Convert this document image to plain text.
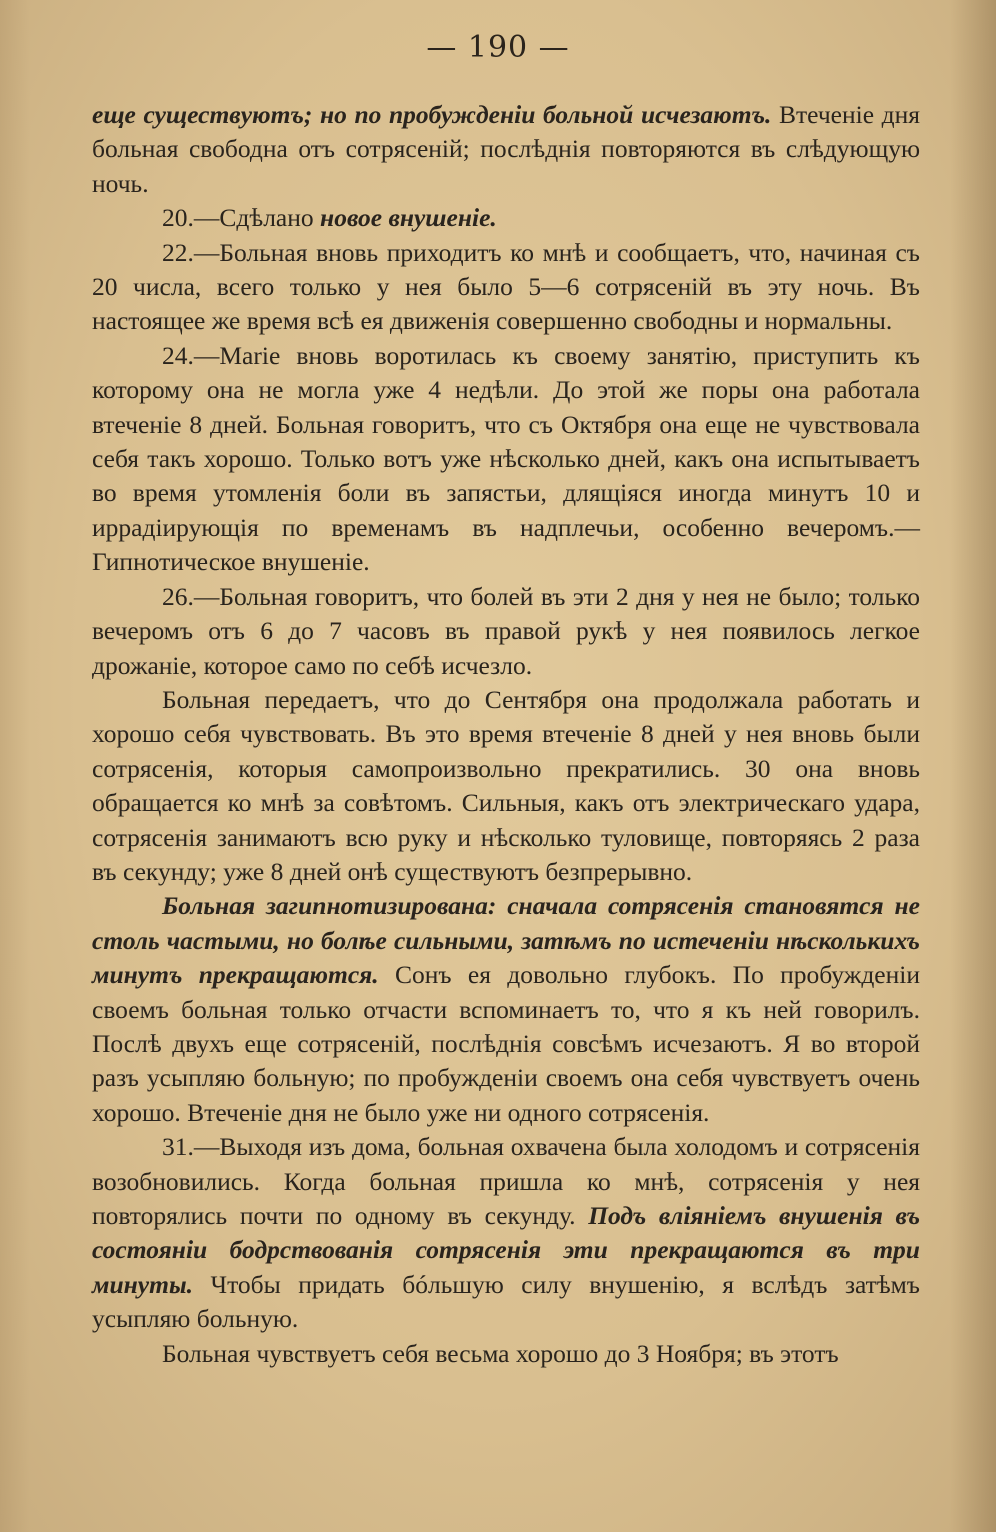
— 190 —

еще существуютъ; но по пробужденіи больной исчезаютъ. Втеченіе дня больная свободна отъ сотрясеній; послѣднія повторяются въ слѣдующую ночь.

20.—Сдѣлано новое внушеніе.

22.—Больная вновь приходитъ ко мнѣ и сообщаетъ, что, начиная съ 20 числа, всего только у нея было 5—6 сотрясеній въ эту ночь. Въ настоящее же время всѣ ея движенія совершенно свободны и нормальны.

24.—Marie вновь воротилась къ своему занятію, приступить къ которому она не могла уже 4 недѣли. До этой же поры она работала втеченіе 8 дней. Больная говоритъ, что съ Октября она еще не чувствовала себя такъ хорошо. Только вотъ уже нѣсколько дней, какъ она испытываетъ во время утомленія боли въ запястьи, длящіяся иногда минутъ 10 и иррадіирующія по временамъ въ надплечьи, особенно вечеромъ.—Гипнотическое внушеніе.

26.—Больная говоритъ, что болей въ эти 2 дня у нея не было; только вечеромъ отъ 6 до 7 часовъ въ правой рукѣ у нея появилось легкое дрожаніе, которое само по себѣ исчезло.

Больная передаетъ, что до Сентября она продолжала работать и хорошо себя чувствовать. Въ это время втеченіе 8 дней у нея вновь были сотрясенія, которыя самопроизвольно прекратились. 30 она вновь обращается ко мнѣ за совѣтомъ. Сильныя, какъ отъ электрическаго удара, сотрясенія занимаютъ всю руку и нѣсколько туловище, повторяясь 2 раза въ секунду; уже 8 дней онѣ существуютъ безпрерывно.

Больная загипнотизирована: сначала сотрясенія становятся не столь частыми, но болѣе сильными, затѣмъ по истеченіи нѣсколькихъ минутъ прекращаются. Сонъ ея довольно глубокъ. По пробужденіи своемъ больная только отчасти вспоминаетъ то, что я къ ней говорилъ. Послѣ двухъ еще сотрясеній, послѣднія совсѣмъ исчезаютъ. Я во второй разъ усыпляю больную; по пробужденіи своемъ она себя чувствуетъ очень хорошо. Втеченіе дня не было уже ни одного сотрясенія.

31.—Выходя изъ дома, больная охвачена была холодомъ и сотрясенія возобновились. Когда больная пришла ко мнѣ, сотрясенія у нея повторялись почти по одному въ секунду. Подъ вліяніемъ внушенія въ состояніи бодрствованія сотрясенія эти прекращаются въ три минуты. Чтобы придать бóльшую силу внушенію, я вслѣдъ затѣмъ усыпляю больную.

Больная чувствуетъ себя весьма хорошо до 3 Ноября; въ этотъ
